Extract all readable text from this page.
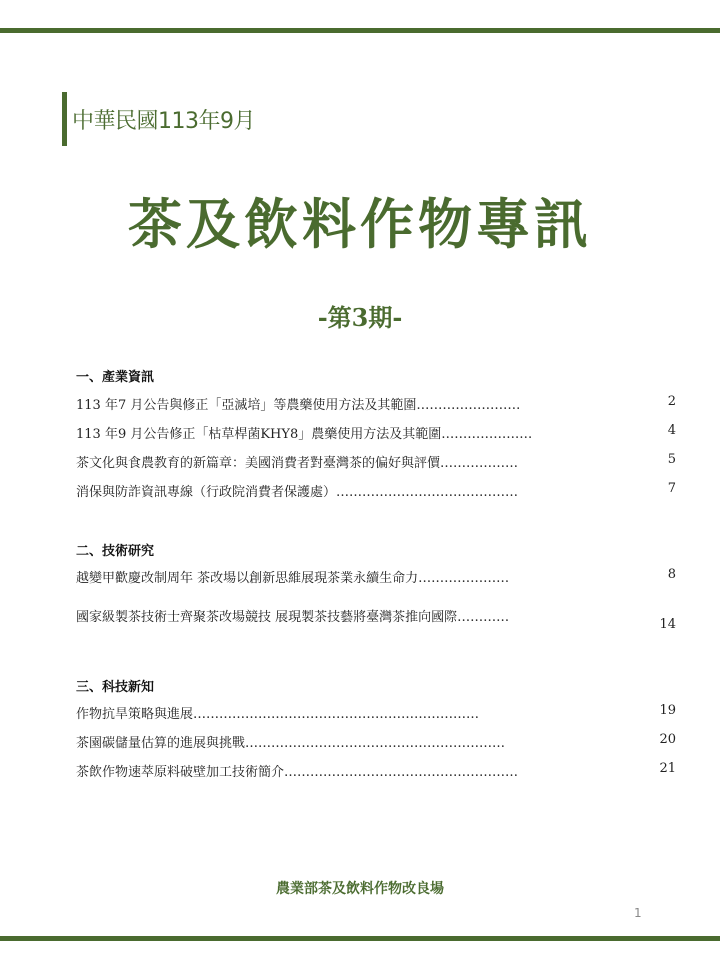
中華民國113年9月
茶及飲料作物專訊
-第3期-
一、產業資訊
113 年7 月公告與修正「亞滅培」等農藥使用方法及其範圍……………………	2
113 年9 月公告修正「枯草桿菌KHY8」農藥使用方法及其範圍…………………	4
茶文化與食農教育的新篇章：美國消費者對臺灣茶的偏好與評價………………	5
消保與防詐資訊專線（行政院消費者保護處）……………………………………	7
二、技術研究
越變甲歡慶改制周年 茶改場以創新思維展現茶業永續生命力…………………	8
國家級製茶技術士齊聚茶改場競技 展現製茶技藝將臺灣茶推向國際…………	14
三、科技新知
作物抗旱策略與進展…………………………………………………………	19
茶園碳儲量估算的進展與挑戰……………………………………………………	20
茶飲作物速萃原料破壁加工技術簡介………………………………………………	21
農業部茶及飲料作物改良場
1
